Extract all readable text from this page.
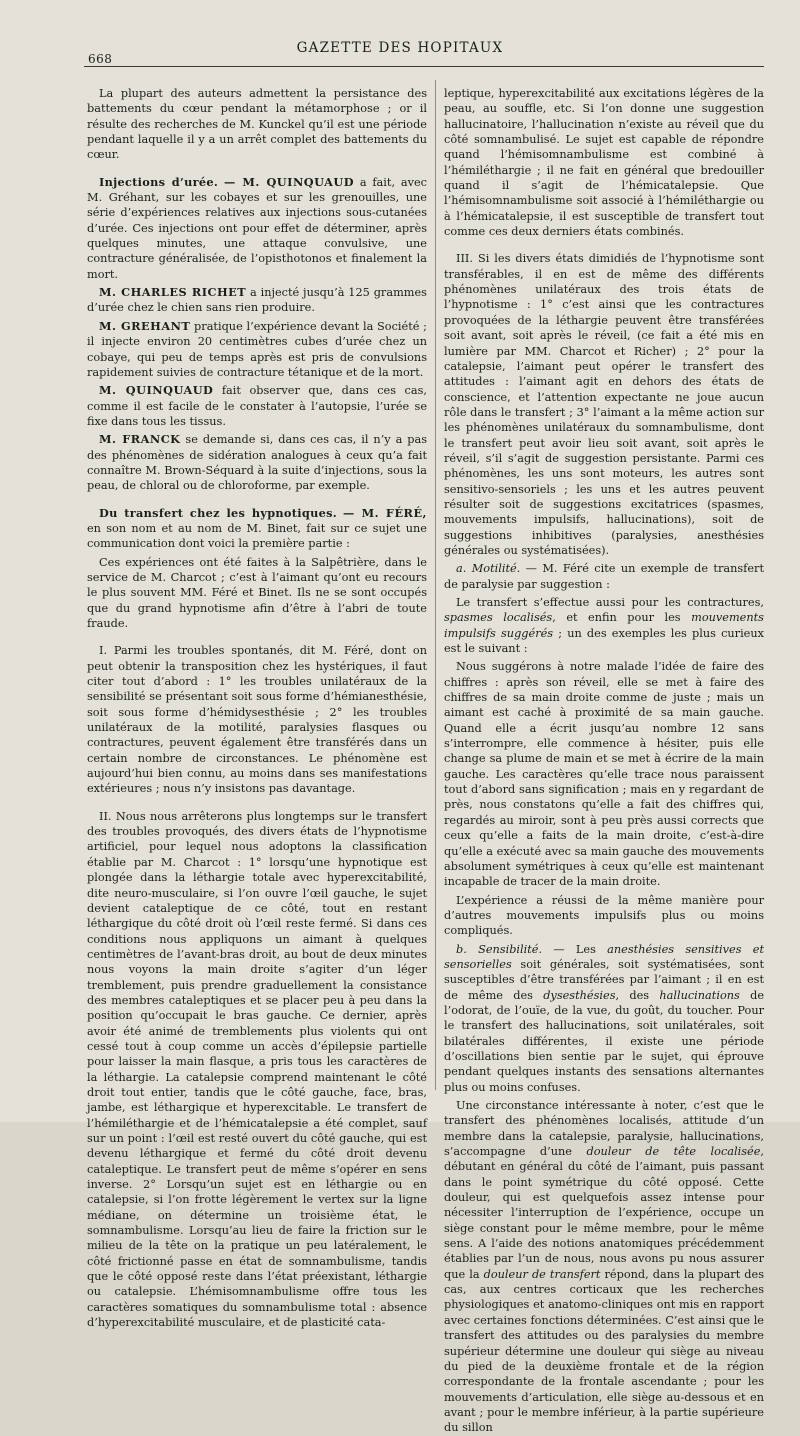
668
GAZETTE DES HOPITAUX

La plupart des auteurs admettent la persistance des battements du cœur pendant la métamorphose ; or il résulte des recherches de M. Kunckel qu’il est une période pendant laquelle il y a un arrêt complet des battements du cœur.

Injections d’urée. — M. QUINQUAUD a fait, avec M. Gréhant, sur les cobayes et sur les grenouilles, une série d’expériences relatives aux injections sous-cutanées d’urée. Ces injections ont pour effet de déterminer, après quelques minutes, une attaque convulsive, une contracture généralisée, de l’opisthotonos et finalement la mort.

M. CHARLES RICHET a injecté jusqu’à 125 grammes d’urée chez le chien sans rien produire.

M. GREHANT pratique l’expérience devant la Société ; il injecte environ 20 centimètres cubes d’urée chez un cobaye, qui peu de temps après est pris de convulsions rapidement suivies de contracture tétanique et de la mort.

M. QUINQUAUD fait observer que, dans ces cas, comme il est facile de le constater à l’autopsie, l’urée se fixe dans tous les tissus.

M. FRANCK se demande si, dans ces cas, il n’y a pas des phénomènes de sidération analogues à ceux qu’a fait connaître M. Brown-Séquard à la suite d’injections, sous la peau, de chloral ou de chloroforme, par exemple.

Du transfert chez les hypnotiques. — M. FÉRÉ, en son nom et au nom de M. Binet, fait sur ce sujet une communication dont voici la première partie :

Ces expériences ont été faites à la Salpêtrière, dans le service de M. Charcot ; c’est à l’aimant qu’ont eu recours le plus souvent MM. Féré et Binet. Ils ne se sont occupés que du grand hypnotisme afin d’être à l’abri de toute fraude.

I. Parmi les troubles spontanés, dit M. Féré, dont on peut obtenir la transposition chez les hystériques, il faut citer tout d’abord : 1° les troubles unilatéraux de la sensibilité se présentant soit sous forme d’hémianesthésie, soit sous forme d’hémidysesthésie ; 2° les troubles unilatéraux de la motilité, paralysies flasques ou contractures, peuvent également être transférés dans un certain nombre de circonstances. Le phénomène est aujourd’hui bien connu, au moins dans ses manifestations extérieures ; nous n’y insistons pas davantage.

II. Nous nous arrêterons plus longtemps sur le transfert des troubles provoqués, des divers états de l’hypnotisme artificiel, pour lequel nous adoptons la classification établie par M. Charcot : 1° lorsqu’une hypnotique est plongée dans la léthargie totale avec hyperexcitabilité, dite neuro-musculaire, si l’on ouvre l’œil gauche, le sujet devient cataleptique de ce côté, tout en restant léthargique du côté droit où l’œil reste fermé. Si dans ces conditions nous appliquons un aimant à quelques centimètres de l’avant-bras droit, au bout de deux minutes nous voyons la main droite s’agiter d’un léger tremblement, puis prendre graduellement la consistance des membres cataleptiques et se placer peu à peu dans la position qu’occupait le bras gauche. Ce dernier, après avoir été animé de tremblements plus violents qui ont cessé tout à coup comme un accès d’épilepsie partielle pour laisser la main flasque, a pris tous les caractères de la léthargie. La catalepsie comprend maintenant le côté droit tout entier, tandis que le côté gauche, face, bras, jambe, est léthargique et hyperexcitable. Le transfert de l’hémiléthargie et de l’hémicatalepsie a été complet, sauf sur un point : l’œil est resté ouvert du côté gauche, qui est devenu léthargique et fermé du côté droit devenu cataleptique. Le transfert peut de même s’opérer en sens inverse. 2° Lorsqu’un sujet est en léthargie ou en catalepsie, si l’on frotte légèrement le vertex sur la ligne médiane, on détermine un troisième état, le somnambulisme. Lorsqu’au lieu de faire la friction sur le milieu de la tête on la pratique un peu latéralement, le côté frictionné passe en état de somnambulisme, tandis que le côté opposé reste dans l’état préexistant, léthargie ou catalepsie. L’hémisomnambulisme offre tous les caractères somatiques du somnambulisme total : absence d’hyperexcitabilité musculaire, et de plasticité cata-

leptique, hyperexcitabilité aux excitations légères de la peau, au souffle, etc. Si l’on donne une suggestion hallucinatoire, l’hallucination n’existe au réveil que du côté somnambulisé. Le sujet est capable de répondre quand l’hémisomnambulisme est combiné à l’hémiléthargie ; il ne fait en général que bredouiller quand il s’agit de l’hémicatalepsie. Que l’hémisomnambulisme soit associé à l’hémiléthargie ou à l’hémicatalepsie, il est susceptible de transfert tout comme ces deux derniers états combinés.

III. Si les divers états dimidiés de l’hypnotisme sont transférables, il en est de même des différents phénomènes unilatéraux des trois états de l’hypnotisme : 1° c’est ainsi que les contractures provoquées de la léthargie peuvent être transférées soit avant, soit après le réveil, (ce fait a été mis en lumière par MM. Charcot et Richer) ; 2° pour la catalepsie, l’aimant peut opérer le transfert des attitudes : l’aimant agit en dehors des états de conscience, et l’attention expectante ne joue aucun rôle dans le transfert ; 3° l’aimant a la même action sur les phénomènes unilatéraux du somnambulisme, dont le transfert peut avoir lieu soit avant, soit après le réveil, s’il s’agit de suggestion persistante. Parmi ces phénomènes, les uns sont moteurs, les autres sont sensitivo-sensoriels ; les uns et les autres peuvent résulter soit de suggestions excitatrices (spasmes, mouvements impulsifs, hallucinations), soit de suggestions inhibitives (paralysies, anesthésies générales ou systématisées).

a. Motilité. — M. Féré cite un exemple de transfert de paralysie par suggestion :

Le transfert s’effectue aussi pour les contractures, spasmes localisés, et enfin pour les mouvements impulsifs suggérés ; un des exemples les plus curieux est le suivant :

Nous suggérons à notre malade l’idée de faire des chiffres : après son réveil, elle se met à faire des chiffres de sa main droite comme de juste ; mais un aimant est caché à proximité de sa main gauche. Quand elle a écrit jusqu’au nombre 12 sans s’interrompre, elle commence à hésiter, puis elle change sa plume de main et se met à écrire de la main gauche. Les caractères qu’elle trace nous paraissent tout d’abord sans signification ; mais en y regardant de près, nous constatons qu’elle a fait des chiffres qui, regardés au miroir, sont à peu près aussi corrects que ceux qu’elle a faits de la main droite, c’est-à-dire qu’elle a exécuté avec sa main gauche des mouvements absolument symétriques à ceux qu’elle est maintenant incapable de tracer de la main droite.

L’expérience a réussi de la même manière pour d’autres mouvements impulsifs plus ou moins compliqués.

b. Sensibilité. — Les anesthésies sensitives et sensorielles soit générales, soit systématisées, sont susceptibles d’être transférées par l’aimant ; il en est de même des dysesthésies, des hallucinations de l’odorat, de l’ouïe, de la vue, du goût, du toucher. Pour le transfert des hallucinations, soit unilatérales, soit bilatérales différentes, il existe une période d’oscillations bien sentie par le sujet, qui éprouve pendant quelques instants des sensations alternantes plus ou moins confuses.

Une circonstance intéressante à noter, c’est que le transfert des phénomènes localisés, attitude d’un membre dans la catalepsie, paralysie, hallucinations, s’accompagne d’une douleur de tête localisée, débutant en général du côté de l’aimant, puis passant dans le point symétrique du côté opposé. Cette douleur, qui est quelquefois assez intense pour nécessiter l’interruption de l’expérience, occupe un siège constant pour le même membre, pour le même sens. A l’aide des notions anatomiques précédemment établies par l’un de nous, nous avons pu nous assurer que la douleur de transfert répond, dans la plupart des cas, aux centres corticaux que les recherches physiologiques et anatomo-cliniques ont mis en rapport avec certaines fonctions déterminées. C’est ainsi que le transfert des attitudes ou des paralysies du membre supérieur détermine une douleur qui siège au niveau du pied de la deuxième frontale et de la région correspondante de la frontale ascendante ; pour les mouvements d’articulation, elle siège au-dessous et en avant ; pour le membre inférieur, à la partie supérieure du sillon
